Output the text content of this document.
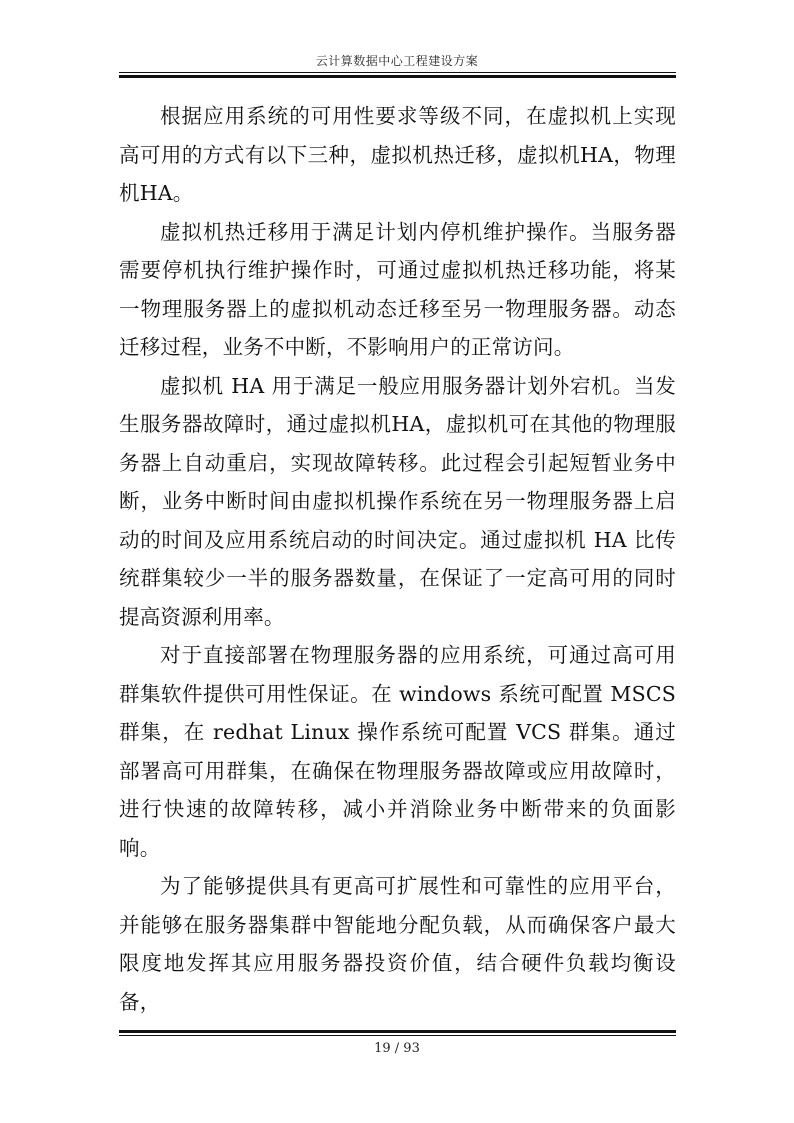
云计算数据中心工程建设方案

根据应用系统的可用性要求等级不同，在虚拟机上实现高可用的方式有以下三种，虚拟机热迁移，虚拟机HA，物理机HA。

虚拟机热迁移用于满足计划内停机维护操作。当服务器需要停机执行维护操作时，可通过虚拟机热迁移功能，将某一物理服务器上的虚拟机动态迁移至另一物理服务器。动态迁移过程，业务不中断，不影响用户的正常访问。

虚拟机 HA 用于满足一般应用服务器计划外宕机。当发生服务器故障时，通过虚拟机HA，虚拟机可在其他的物理服务器上自动重启，实现故障转移。此过程会引起短暂业务中断，业务中断时间由虚拟机操作系统在另一物理服务器上启动的时间及应用系统启动的时间决定。通过虚拟机 HA 比传统群集较少一半的服务器数量，在保证了一定高可用的同时提高资源利用率。

对于直接部署在物理服务器的应用系统，可通过高可用群集软件提供可用性保证。在 windows 系统可配置 MSCS 群集，在 redhat Linux 操作系统可配置 VCS 群集。通过部署高可用群集，在确保在物理服务器故障或应用故障时，进行快速的故障转移，减小并消除业务中断带来的负面影响。

为了能够提供具有更高可扩展性和可靠性的应用平台，并能够在服务器集群中智能地分配负载，从而确保客户最大限度地发挥其应用服务器投资价值，结合硬件负载均衡设备，

19 / 93
